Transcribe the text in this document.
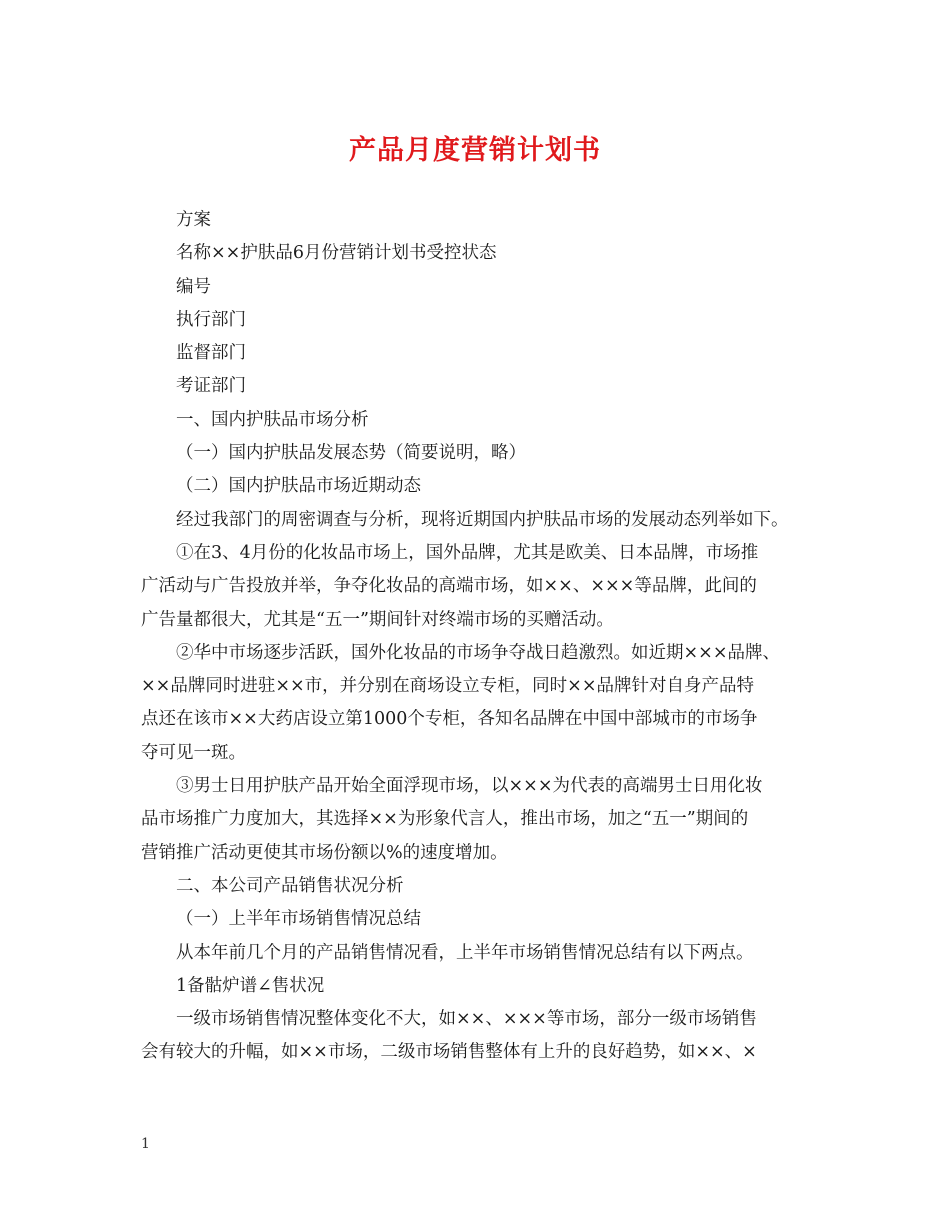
产品月度营销计划书
方案
名称××护肤品6月份营销计划书受控状态
编号
执行部门
监督部门
考证部门
一、国内护肤品市场分析
（一）国内护肤品发展态势（简要说明，略）
（二）国内护肤品市场近期动态
经过我部门的周密调查与分析，现将近期国内护肤品市场的发展动态列举如下。
①在3、4月份的化妆品市场上，国外品牌，尤其是欧美、日本品牌，市场推
广活动与广告投放并举，争夺化妆品的高端市场，如××、×××等品牌，此间的
广告量都很大，尤其是“五一”期间针对终端市场的买赠活动。
②华中市场逐步活跃，国外化妆品的市场争夺战日趋激烈。如近期×××品牌、
××品牌同时进驻××市，并分别在商场设立专柜，同时××品牌针对自身产品特
点还在该市××大药店设立第1000个专柜，各知名品牌在中国中部城市的市场争
夺可见一斑。
③男士日用护肤产品开始全面浮现市场，以×××为代表的高端男士日用化妆
品市场推广力度加大，其选择××为形象代言人，推出市场，加之“五一”期间的
营销推广活动更使其市场份额以%的速度增加。
二、本公司产品销售状况分析
（一）上半年市场销售情况总结
从本年前几个月的产品销售情况看，上半年市场销售情况总结有以下两点。
1备骷炉谱∠售状况
一级市场销售情况整体变化不大，如××、×××等市场，部分一级市场销售
会有较大的升幅，如××市场，二级市场销售整体有上升的良好趋势，如××、×
1
